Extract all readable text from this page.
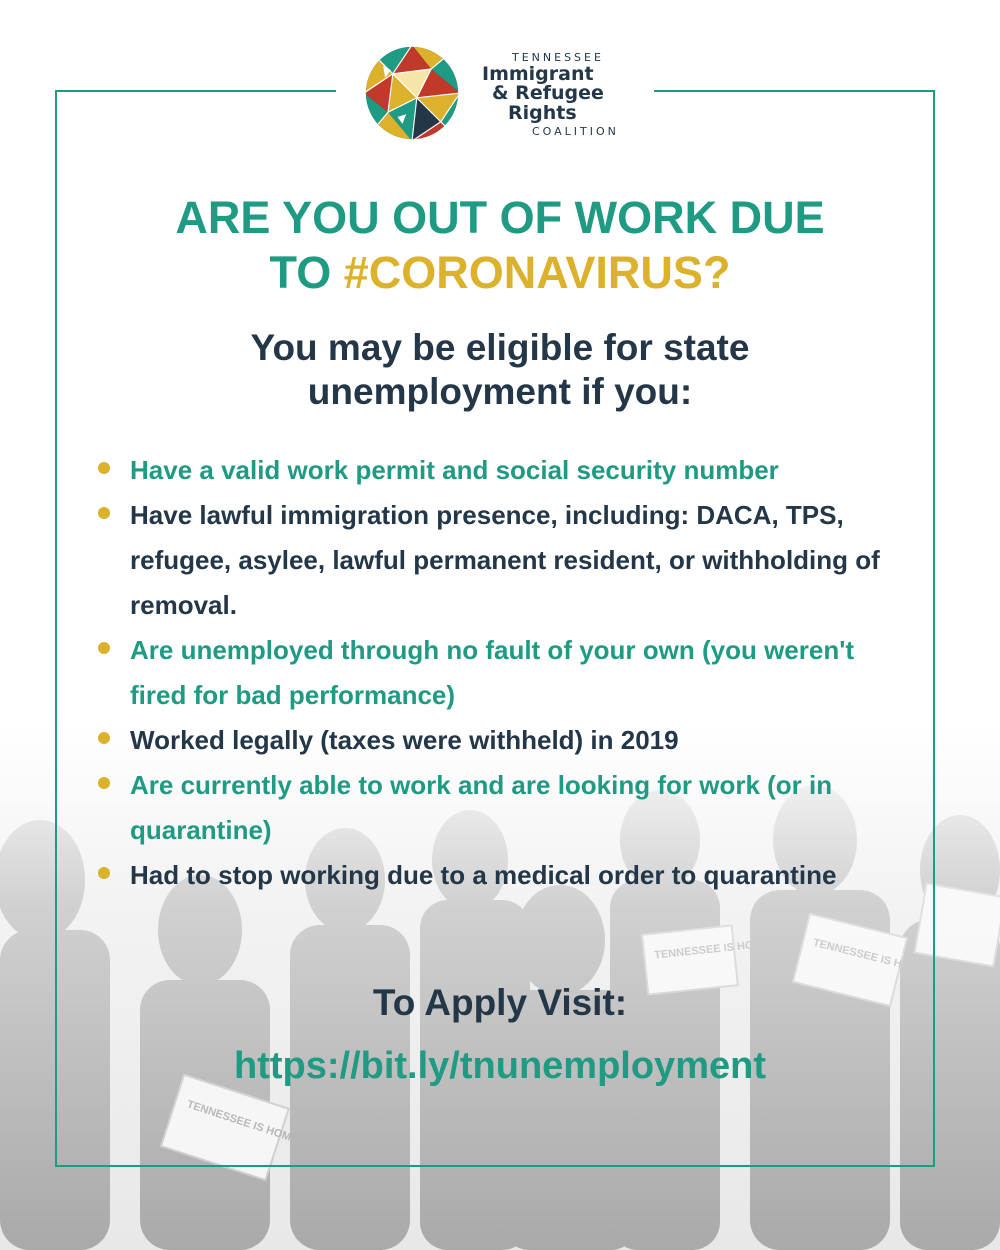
TENNESSEE
Immigrant
& Refugee
Rights
COALITION
ARE YOU OUT OF WORK DUE
TO #CORONAVIRUS?
You may be eligible for state
unemployment if you:
Have a valid work permit and social security number
Have lawful immigration presence, including: DACA, TPS, refugee, asylee, lawful permanent resident, or withholding of removal.
Are unemployed through no fault of your own (you weren't fired for bad performance)
Worked legally (taxes were withheld) in 2019
Are currently able to work and are looking for work (or in quarantine)
Had to stop working due to a medical order to quarantine
To Apply Visit:
https://bit.ly/tnunemployment
